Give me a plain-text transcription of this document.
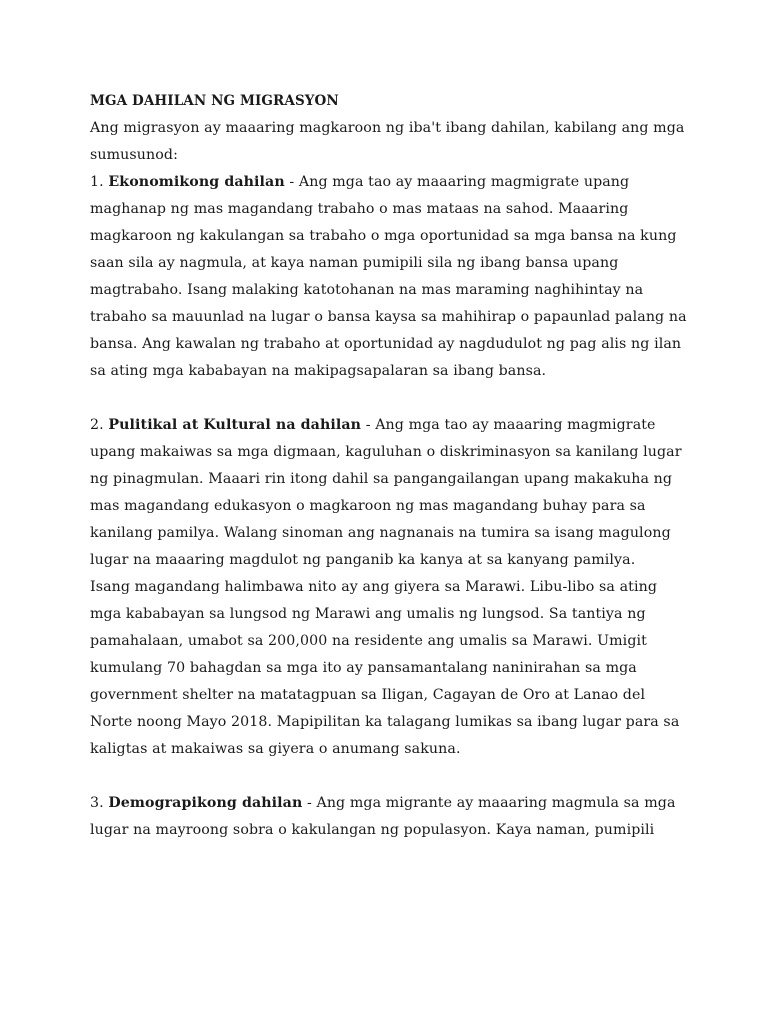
MGA DAHILAN NG MIGRASYON

Ang migrasyon ay maaaring magkaroon ng iba't ibang dahilan, kabilang ang mga sumusunod:

1. Ekonomikong dahilan - Ang mga tao ay maaaring magmigrate upang maghanap ng mas magandang trabaho o mas mataas na sahod. Maaaring magkaroon ng kakulangan sa trabaho o mga oportunidad sa mga bansa na kung saan sila ay nagmula, at kaya naman pumipili sila ng ibang bansa upang magtrabaho. Isang malaking katotohanan na mas maraming naghihintay na trabaho sa mauunlad na lugar o bansa kaysa sa mahihirap o papaunlad palang na bansa. Ang kawalan ng trabaho at oportunidad ay nagdudulot ng pag alis ng ilan sa ating mga kababayan na makipagsapalaran sa ibang bansa.

2. Pulitikal at Kultural na dahilan - Ang mga tao ay maaaring magmigrate upang makaiwas sa mga digmaan, kaguluhan o diskriminasyon sa kanilang lugar ng pinagmulan. Maaari rin itong dahil sa pangangailangan upang makakuha ng mas magandang edukasyon o magkaroon ng mas magandang buhay para sa kanilang pamilya. Walang sinoman ang nagnanais na tumira sa isang magulong lugar na maaaring magdulot ng panganib ka kanya at sa kanyang pamilya.

Isang magandang halimbawa nito ay ang giyera sa Marawi. Libu-libo sa ating mga kababayan sa lungsod ng Marawi ang umalis ng lungsod. Sa tantiya ng pamahalaan, umabot sa 200,000 na residente ang umalis sa Marawi. Umigit kumulang 70 bahagdan sa mga ito ay pansamantalang naninirahan sa mga government shelter na matatagpuan sa Iligan, Cagayan de Oro at Lanao del Norte noong Mayo 2018. Mapipilitan ka talagang lumikas sa ibang lugar para sa kaligtas at makaiwas sa giyera o anumang sakuna.

3. Demograpikong dahilan - Ang mga migrante ay maaaring magmula sa mga lugar na mayroong sobra o kakulangan ng populasyon. Kaya naman, pumipili
